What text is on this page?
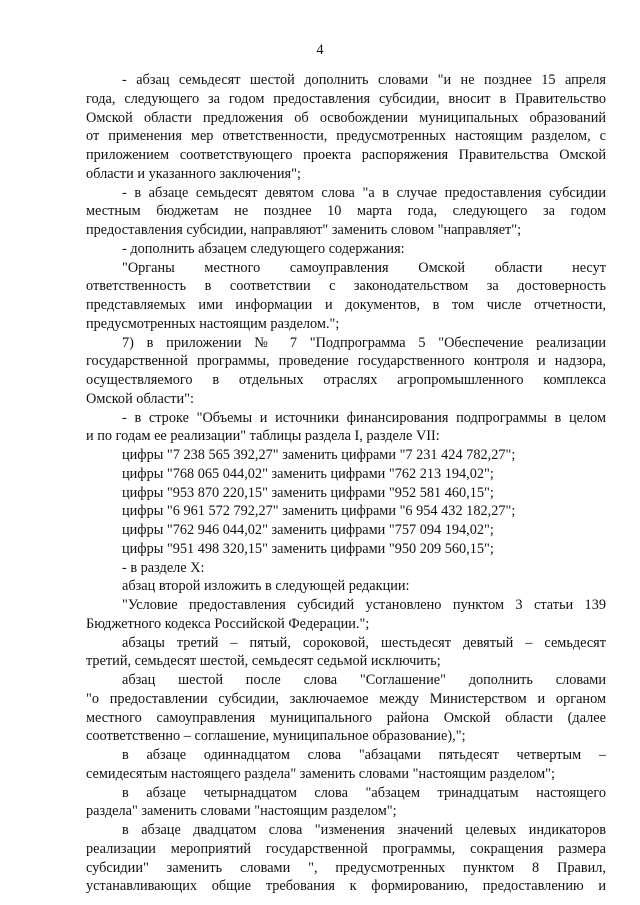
4
- абзац семьдесят шестой дополнить словами "и не позднее 15 апреля
года, следующего за годом предоставления субсидии, вносит в Правительство
Омской области предложения об освобождении муниципальных образований
от применения мер ответственности, предусмотренных настоящим разделом, с
приложением соответствующего проекта распоряжения Правительства Омской
области и указанного заключения";
- в абзаце семьдесят девятом слова "а в случае предоставления субсидии
местным бюджетам не позднее 10 марта года, следующего за годом
предоставления субсидии, направляют" заменить словом "направляет";
- дополнить абзацем следующего содержания:
"Органы местного самоуправления Омской области несут
ответственность в соответствии с законодательством за достоверность
представляемых ими информации и документов, в том числе отчетности,
предусмотренных настоящим разделом.";
7) в приложении № 7 "Подпрограмма 5 "Обеспечение реализации
государственной программы, проведение государственного контроля и надзора,
осуществляемого в отдельных отраслях агропромышленного комплекса
Омской области":
- в строке "Объемы и источники финансирования подпрограммы в целом
и по годам ее реализации" таблицы раздела I, разделе VII:
цифры "7 238 565 392,27" заменить цифрами "7 231 424 782,27";
цифры "768 065 044,02" заменить цифрами "762 213 194,02";
цифры "953 870 220,15" заменить цифрами "952 581 460,15";
цифры "6 961 572 792,27" заменить цифрами "6 954 432 182,27";
цифры "762 946 044,02" заменить цифрами "757 094 194,02";
цифры "951 498 320,15" заменить цифрами "950 209 560,15";
- в разделе X:
абзац второй изложить в следующей редакции:
"Условие предоставления субсидий установлено пунктом 3 статьи 139
Бюджетного кодекса Российской Федерации.";
абзацы третий – пятый, сороковой, шестьдесят девятый – семьдесят
третий, семьдесят шестой, семьдесят седьмой исключить;
абзац шестой после слова "Соглашение" дополнить словами
"о предоставлении субсидии, заключаемое между Министерством и органом
местного самоуправления муниципального района Омской области (далее
соответственно – соглашение, муниципальное образование),";
в абзаце одиннадцатом слова "абзацами пятьдесят четвертым –
семидесятым настоящего раздела" заменить словами "настоящим разделом";
в абзаце четырнадцатом слова "абзацем тринадцатым настоящего
раздела" заменить словами "настоящим разделом";
в абзаце двадцатом слова "изменения значений целевых индикаторов
реализации мероприятий государственной программы, сокращения размера
субсидии" заменить словами ", предусмотренных пунктом 8 Правил,
устанавливающих общие требования к формированию, предоставлению и
